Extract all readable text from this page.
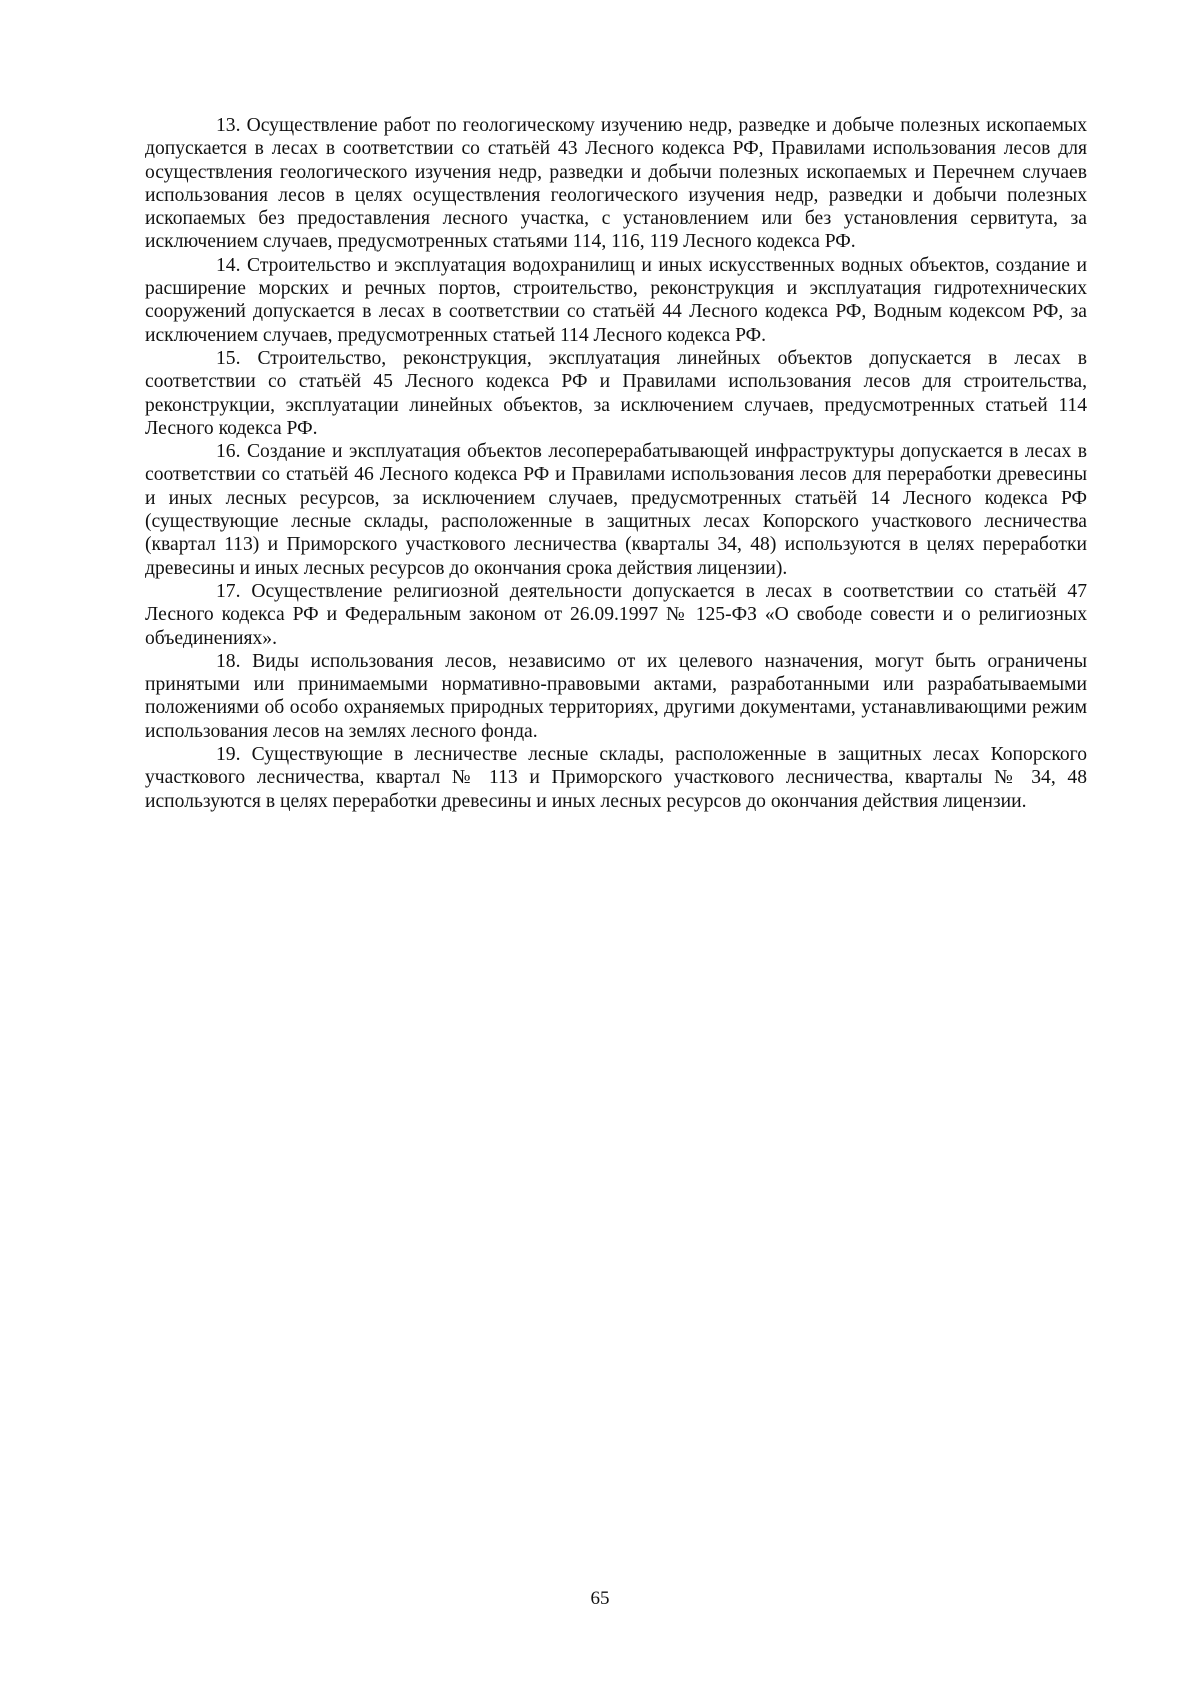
13. Осуществление работ по геологическому изучению недр, разведке и добыче полезных ископаемых допускается в лесах в соответствии со статьёй 43 Лесного кодекса РФ, Правилами использования лесов для осуществления геологического изучения недр, разведки и добычи полезных ископаемых и Перечнем случаев использования лесов в целях осуществления геологического изучения недр, разведки и добычи полезных ископаемых без предоставления лесного участка, с установлением или без установления сервитута, за исключением случаев, предусмотренных статьями 114, 116, 119 Лесного кодекса РФ.

14. Строительство и эксплуатация водохранилищ и иных искусственных водных объектов, создание и расширение морских и речных портов, строительство, реконструкция и эксплуатация гидротехнических сооружений допускается в лесах в соответствии со статьёй 44 Лесного кодекса РФ, Водным кодексом РФ, за исключением случаев, предусмотренных статьей 114 Лесного кодекса РФ.

15. Строительство, реконструкция, эксплуатация линейных объектов допускается в лесах в соответствии со статьёй 45 Лесного кодекса РФ и Правилами использования лесов для строительства, реконструкции, эксплуатации линейных объектов, за исключением случаев, предусмотренных статьей 114 Лесного кодекса РФ.

16. Создание и эксплуатация объектов лесоперерабатывающей инфраструктуры допускается в лесах в соответствии со статьёй 46 Лесного кодекса РФ и Правилами использования лесов для переработки древесины и иных лесных ресурсов, за исключением случаев, предусмотренных статьёй 14 Лесного кодекса РФ (существующие лесные склады, расположенные в защитных лесах Копорского участкового лесничества (квартал 113) и Приморского участкового лесничества (кварталы 34, 48) используются в целях переработки древесины и иных лесных ресурсов до окончания срока действия лицензии).

17. Осуществление религиозной деятельности допускается в лесах в соответствии со статьёй 47 Лесного кодекса РФ и Федеральным законом от 26.09.1997 № 125-ФЗ «О свободе совести и о религиозных объединениях».

18. Виды использования лесов, независимо от их целевого назначения, могут быть ограничены принятыми или принимаемыми нормативно-правовыми актами, разработанными или разрабатываемыми положениями об особо охраняемых природных территориях, другими документами, устанавливающими режим использования лесов на землях лесного фонда.

19. Существующие в лесничестве лесные склады, расположенные в защитных лесах Копорского участкового лесничества, квартал № 113 и Приморского участкового лесничества, кварталы № 34, 48 используются в целях переработки древесины и иных лесных ресурсов до окончания действия лицензии.

65
